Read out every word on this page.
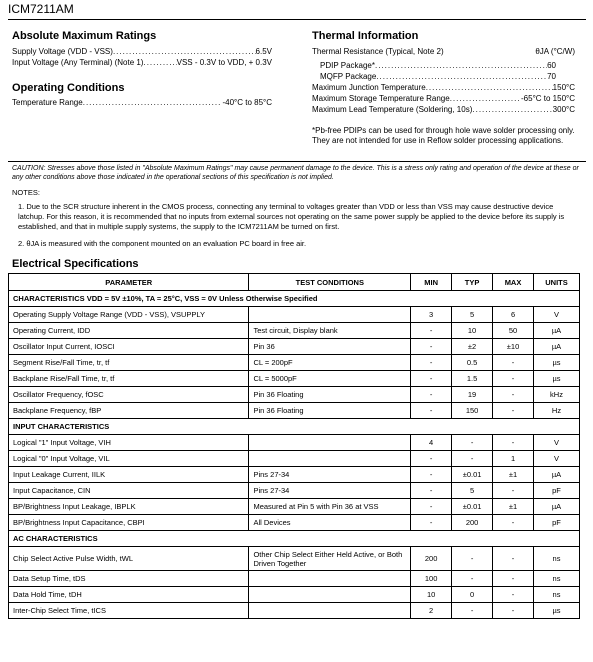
ICM7211AM
Absolute Maximum Ratings
Supply Voltage (VDD - VSS) .....	6.5V
Input Voltage (Any Terminal) (Note 1) .....	VSS - 0.3V to VDD, + 0.3V
Operating Conditions
Temperature Range .....	-40°C to 85°C
Thermal Information
Thermal Resistance (Typical, Note 2)	θJA (°C/W)
PDIP Package* .....	60
MQFP Package .....	70
Maximum Junction Temperature .....	150°C
Maximum Storage Temperature Range .....	-65°C to 150°C
Maximum Lead Temperature (Soldering, 10s) .....	300°C
*Pb-free PDIPs can be used for through hole wave solder processing only. They are not intended for use in Reflow solder processing applications.
CAUTION: Stresses above those listed in "Absolute Maximum Ratings" may cause permanent damage to the device. This is a stress only rating and operation of the device at these or any other conditions above those indicated in the operational sections of this specification is not implied.
NOTES:
1. Due to the SCR structure inherent in the CMOS process, connecting any terminal to voltages greater than VDD or less than VSS may cause destructive device latchup. For this reason, it is recommended that no inputs from external sources not operating on the same power supply be applied to the device before its supply is established, and that in multiple supply systems, the supply to the ICM7211AM be turned on first.
2. θJA is measured with the component mounted on an evaluation PC board in free air.
Electrical Specifications
PARAMETER	TEST CONDITIONS	MIN	TYP	MAX	UNITS
CHARACTERISTICS VDD = 5V ±10%, TA = 25°C, VSS = 0V Unless Otherwise Specified					
Operating Supply Voltage Range (VDD - VSS), VSUPPLY		3	5	6	V
Operating Current, IDD	Test circuit, Display blank	-	10	50	µA
Oscillator Input Current, IOSCI	Pin 36	-	±2	±10	µA
Segment Rise/Fall Time, tr, tf	CL = 200pF	-	0.5	-	µs
Backplane Rise/Fall Time, tr, tf	CL = 5000pF	-	1.5	-	µs
Oscillator Frequency, fOSC	Pin 36 Floating	-	19	-	kHz
Backplane Frequency, fBP	Pin 36 Floating	-	150	-	Hz
INPUT CHARACTERISTICS					
Logical "1" Input Voltage, VIH		4	-	-	V
Logical "0" Input Voltage, VIL		-	-	1	V
Input Leakage Current, IILK	Pins 27-34	-	±0.01	±1	µA
Input Capacitance, CIN	Pins 27-34	-	5	-	pF
BP/Brightness Input Leakage, IBPLK	Measured at Pin 5 with Pin 36 at VSS	-	±0.01	±1	µA
BP/Brightness Input Capacitance, CBPI	All Devices	-	200	-	pF
AC CHARACTERISTICS					
Chip Select Active Pulse Width, tWL	Other Chip Select Either Held Active, or Both Driven Together	200	-	-	ns
Data Setup Time, tDS		100	-	-	ns
Data Hold Time, tDH		10	0	-	ns
Inter-Chip Select Time, tICS		2	-	-	µs
